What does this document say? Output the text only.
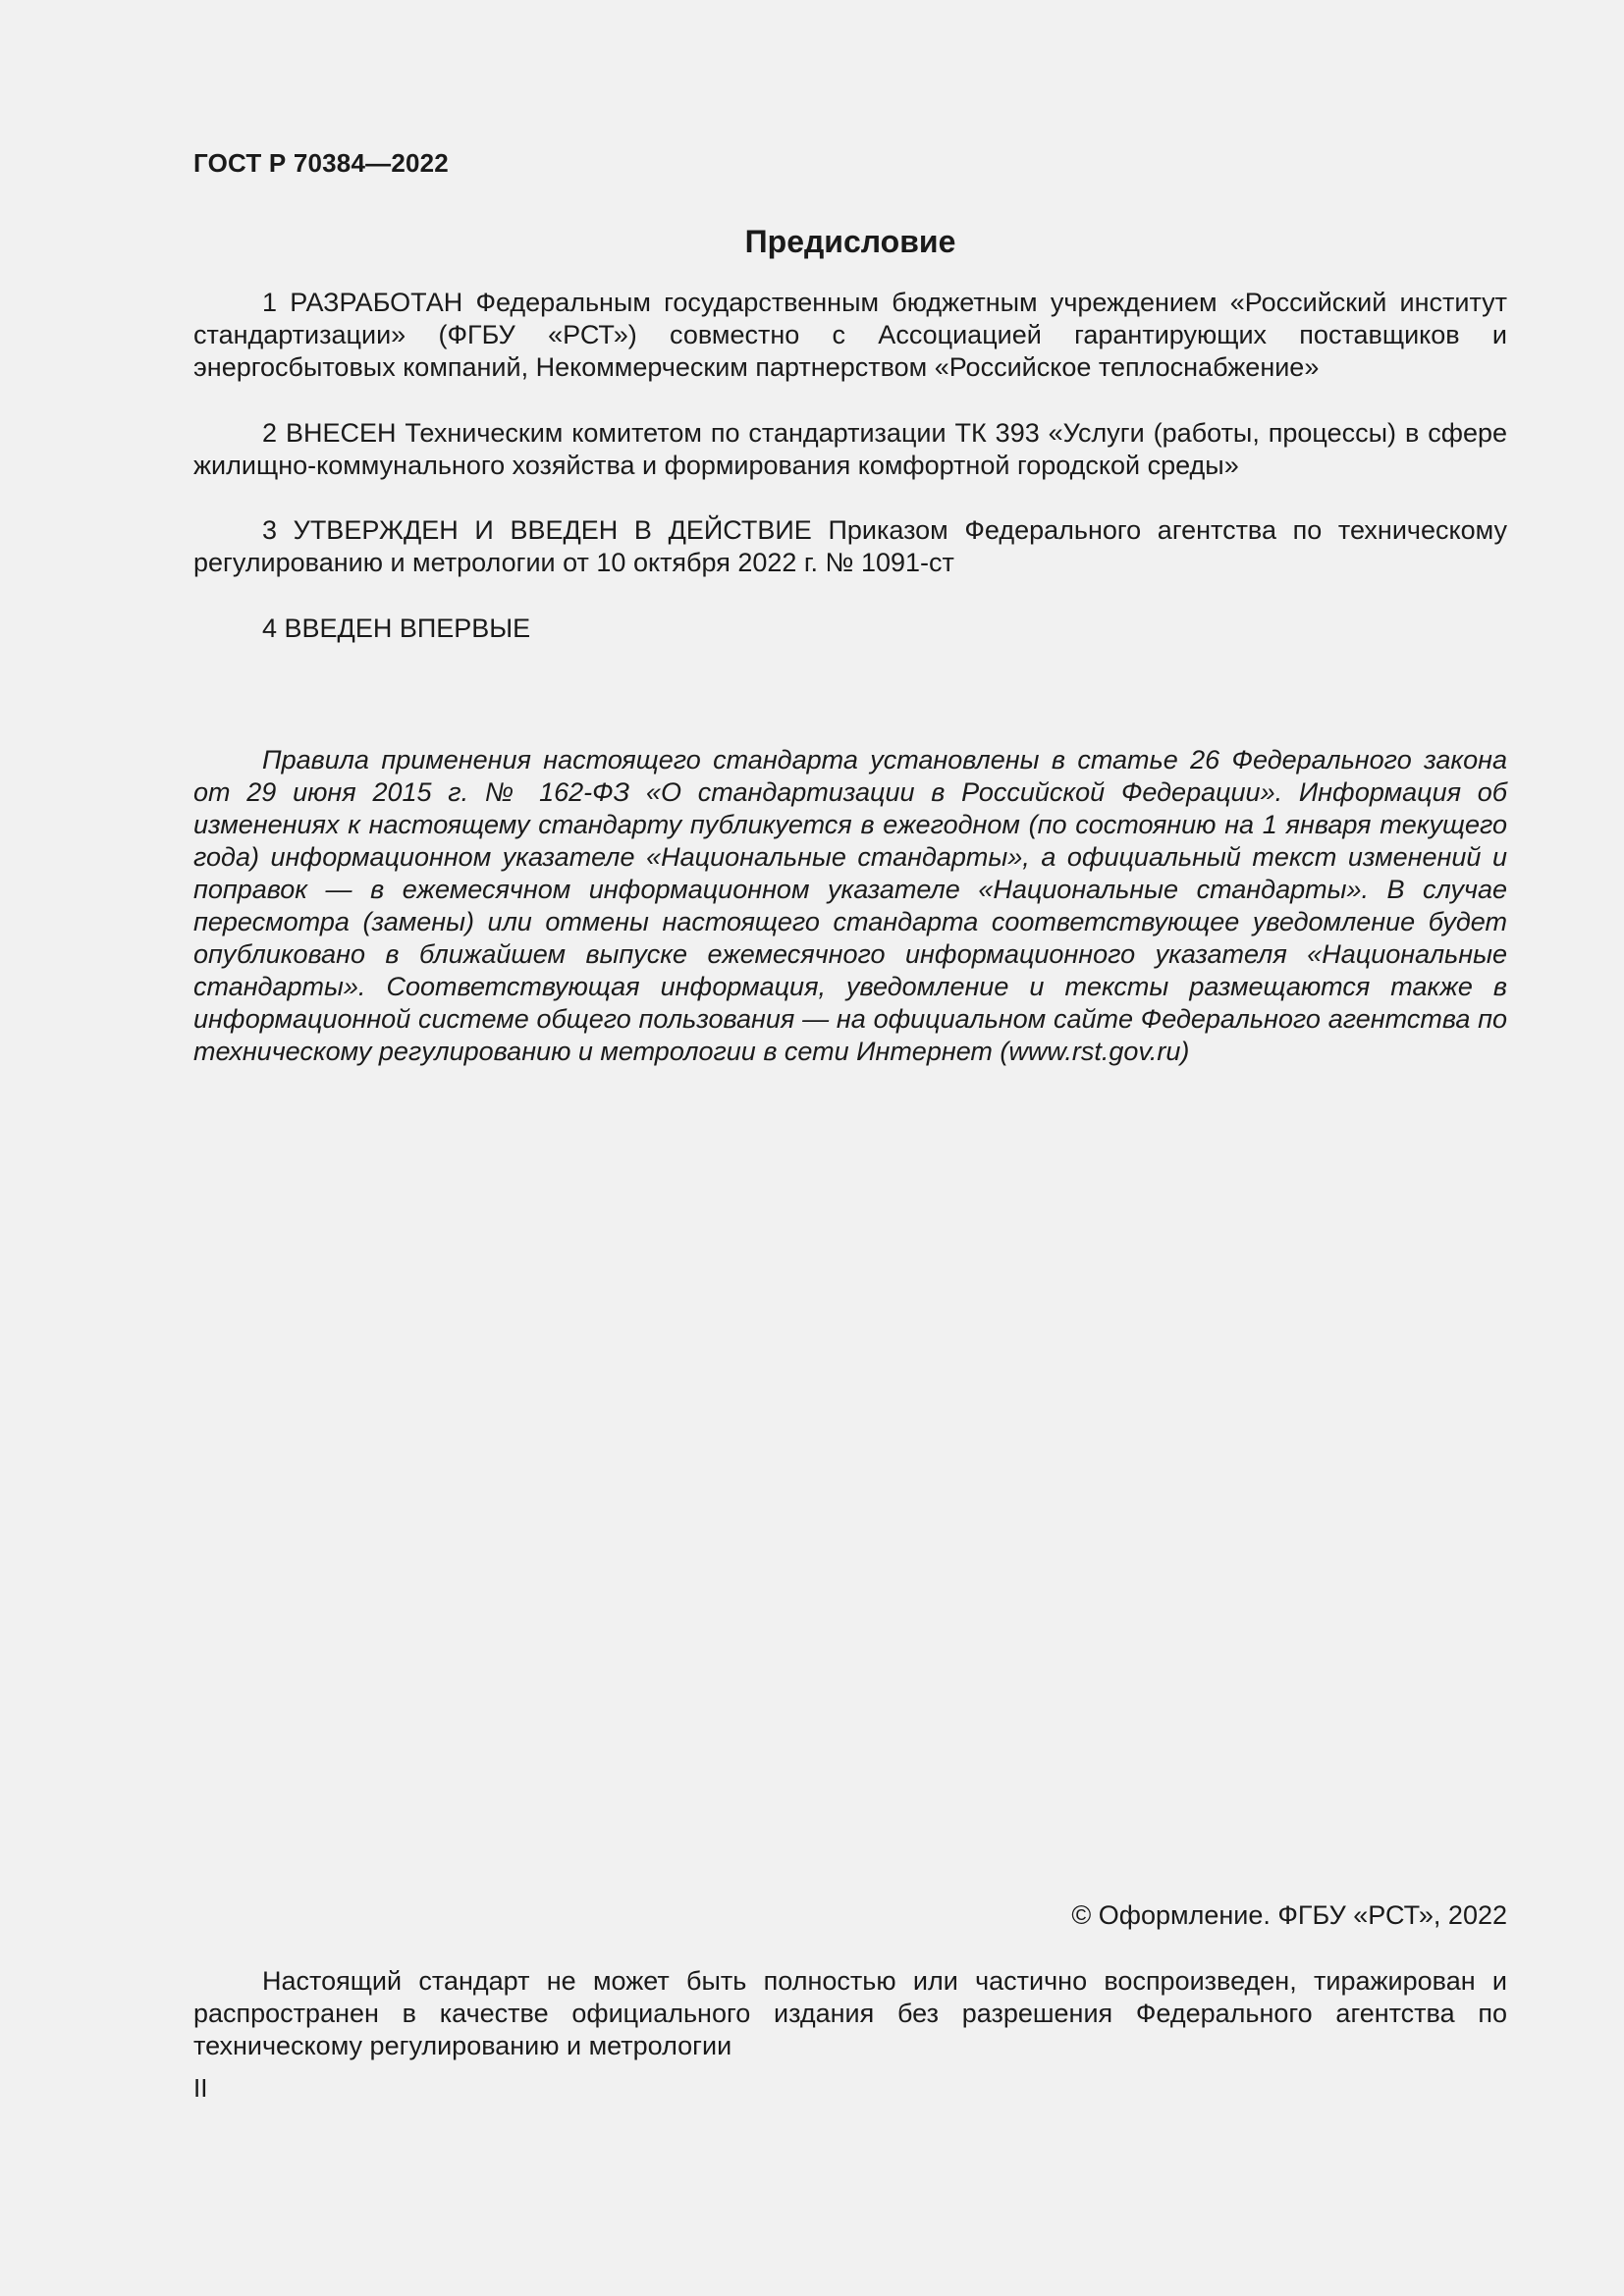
ГОСТ Р 70384—2022
Предисловие

1 РАЗРАБОТАН Федеральным государственным бюджетным учреждением «Российский институт стандартизации» (ФГБУ «РСТ») совместно с Ассоциацией гарантирующих поставщиков и энергосбытовых компаний, Некоммерческим партнерством «Российское теплоснабжение»

2 ВНЕСЕН Техническим комитетом по стандартизации ТК 393 «Услуги (работы, процессы) в сфере жилищно-коммунального хозяйства и формирования комфортной городской среды»

3 УТВЕРЖДЕН И ВВЕДЕН В ДЕЙСТВИЕ Приказом Федерального агентства по техническому регулированию и метрологии от 10 октября 2022 г. № 1091-ст

4 ВВЕДЕН ВПЕРВЫЕ

Правила применения настоящего стандарта установлены в статье 26 Федерального закона от 29 июня 2015 г. № 162-ФЗ «О стандартизации в Российской Федерации». Информация об изменениях к настоящему стандарту публикуется в ежегодном (по состоянию на 1 января текущего года) информационном указателе «Национальные стандарты», а официальный текст изменений и поправок — в ежемесячном информационном указателе «Национальные стандарты». В случае пересмотра (замены) или отмены настоящего стандарта соответствующее уведомление будет опубликовано в ближайшем выпуске ежемесячного информационного указателя «Национальные стандарты». Соответствующая информация, уведомление и тексты размещаются также в информационной системе общего пользования — на официальном сайте Федерального агентства по техническому регулированию и метрологии в сети Интернет (www.rst.gov.ru)

© Оформление. ФГБУ «РСТ», 2022

Настоящий стандарт не может быть полностью или частично воспроизведен, тиражирован и распространен в качестве официального издания без разрешения Федерального агентства по техническому регулированию и метрологии

II
